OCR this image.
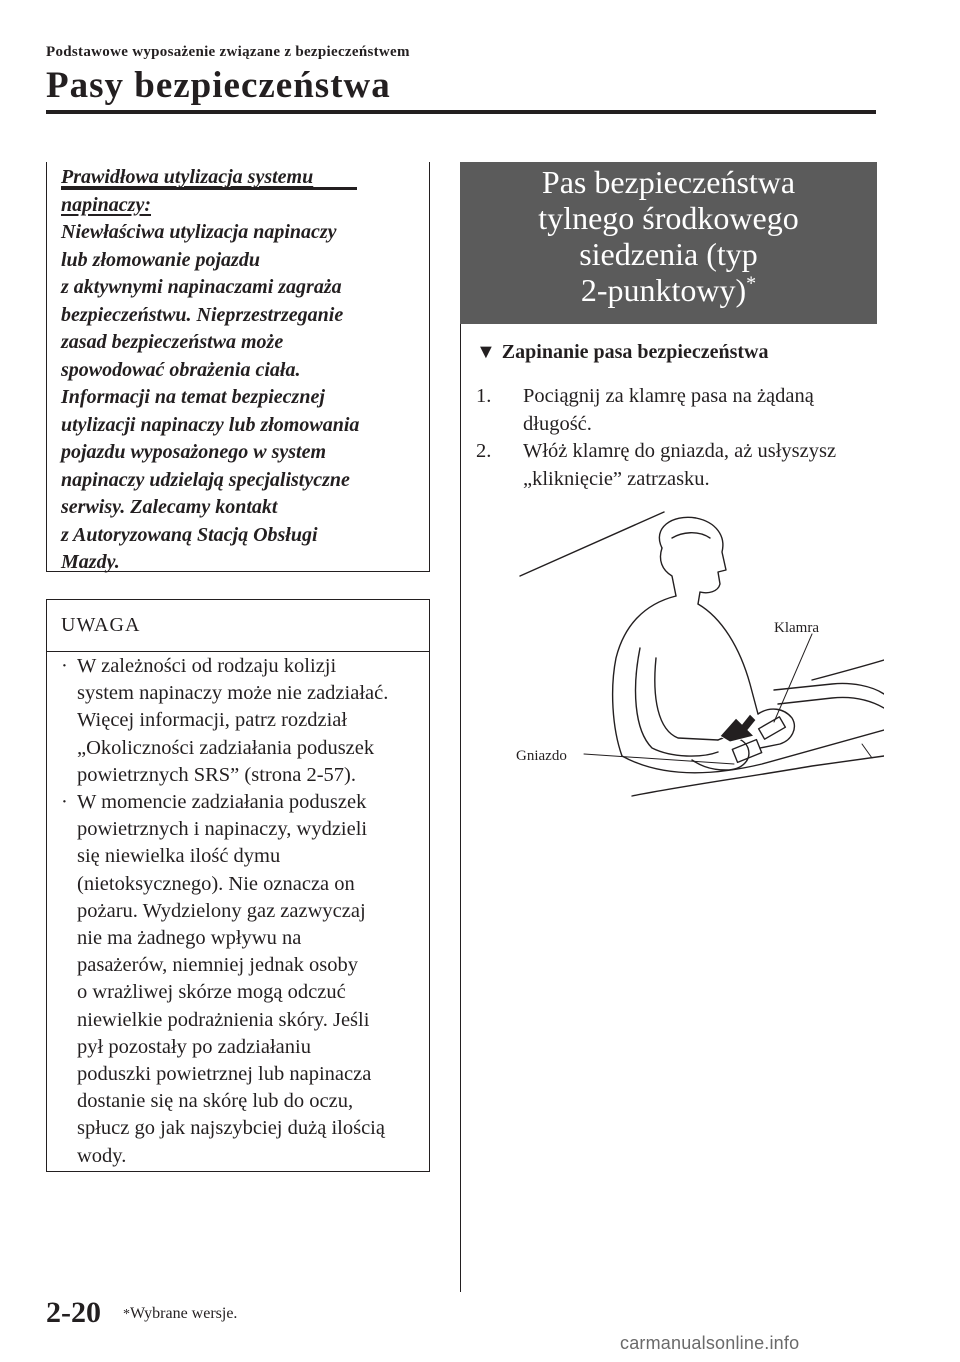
Podstawowe wyposażenie związane z bezpieczeństwem
Pasy bezpieczeństwa
Prawidłowa utylizacja systemu
napinaczy:
Niewłaściwa utylizacja napinaczy
lub złomowanie pojazdu
z aktywnymi napinaczami zagraża
bezpieczeństwu. Nieprzestrzeganie
zasad bezpieczeństwa może
spowodować obrażenia ciała.
Informacji na temat bezpiecznej
utylizacji napinaczy lub złomowania
pojazdu wyposażonego w system
napinaczy udzielają specjalistyczne
serwisy. Zalecamy kontakt
z Autoryzowaną Stacją Obsługi
Mazdy.
UWAGA
· W zależności od rodzaju kolizji
system napinaczy może nie zadziałać.
Więcej informacji, patrz rozdział
„Okoliczności zadziałania poduszek
powietrznych SRS” (strona 2-57).
· W momencie zadziałania poduszek
powietrznych i napinaczy, wydzieli
się niewielka ilość dymu
(nietoksycznego). Nie oznacza on
pożaru. Wydzielony gaz zazwyczaj
nie ma żadnego wpływu na
pasażerów, niemniej jednak osoby
o wrażliwej skórze mogą odczuć
niewielkie podrażnienia skóry. Jeśli
pył pozostały po zadziałaniu
poduszki powietrznej lub napinacza
dostanie się na skórę lub do oczu,
spłucz go jak najszybciej dużą ilością
wody.
Pas bezpieczeństwa
tylnego środkowego
siedzenia (typ
2-punktowy)*
▼ Zapinanie pasa bezpieczeństwa
1. Pociągnij za klamrę pasa na żądaną
długość.
2. Włóż klamrę do gniazda, aż usłyszysz
„kliknięcie” zatrzasku.
Klamra
Gniazdo
2-20 *Wybrane wersje.
carmanualsonline.info
